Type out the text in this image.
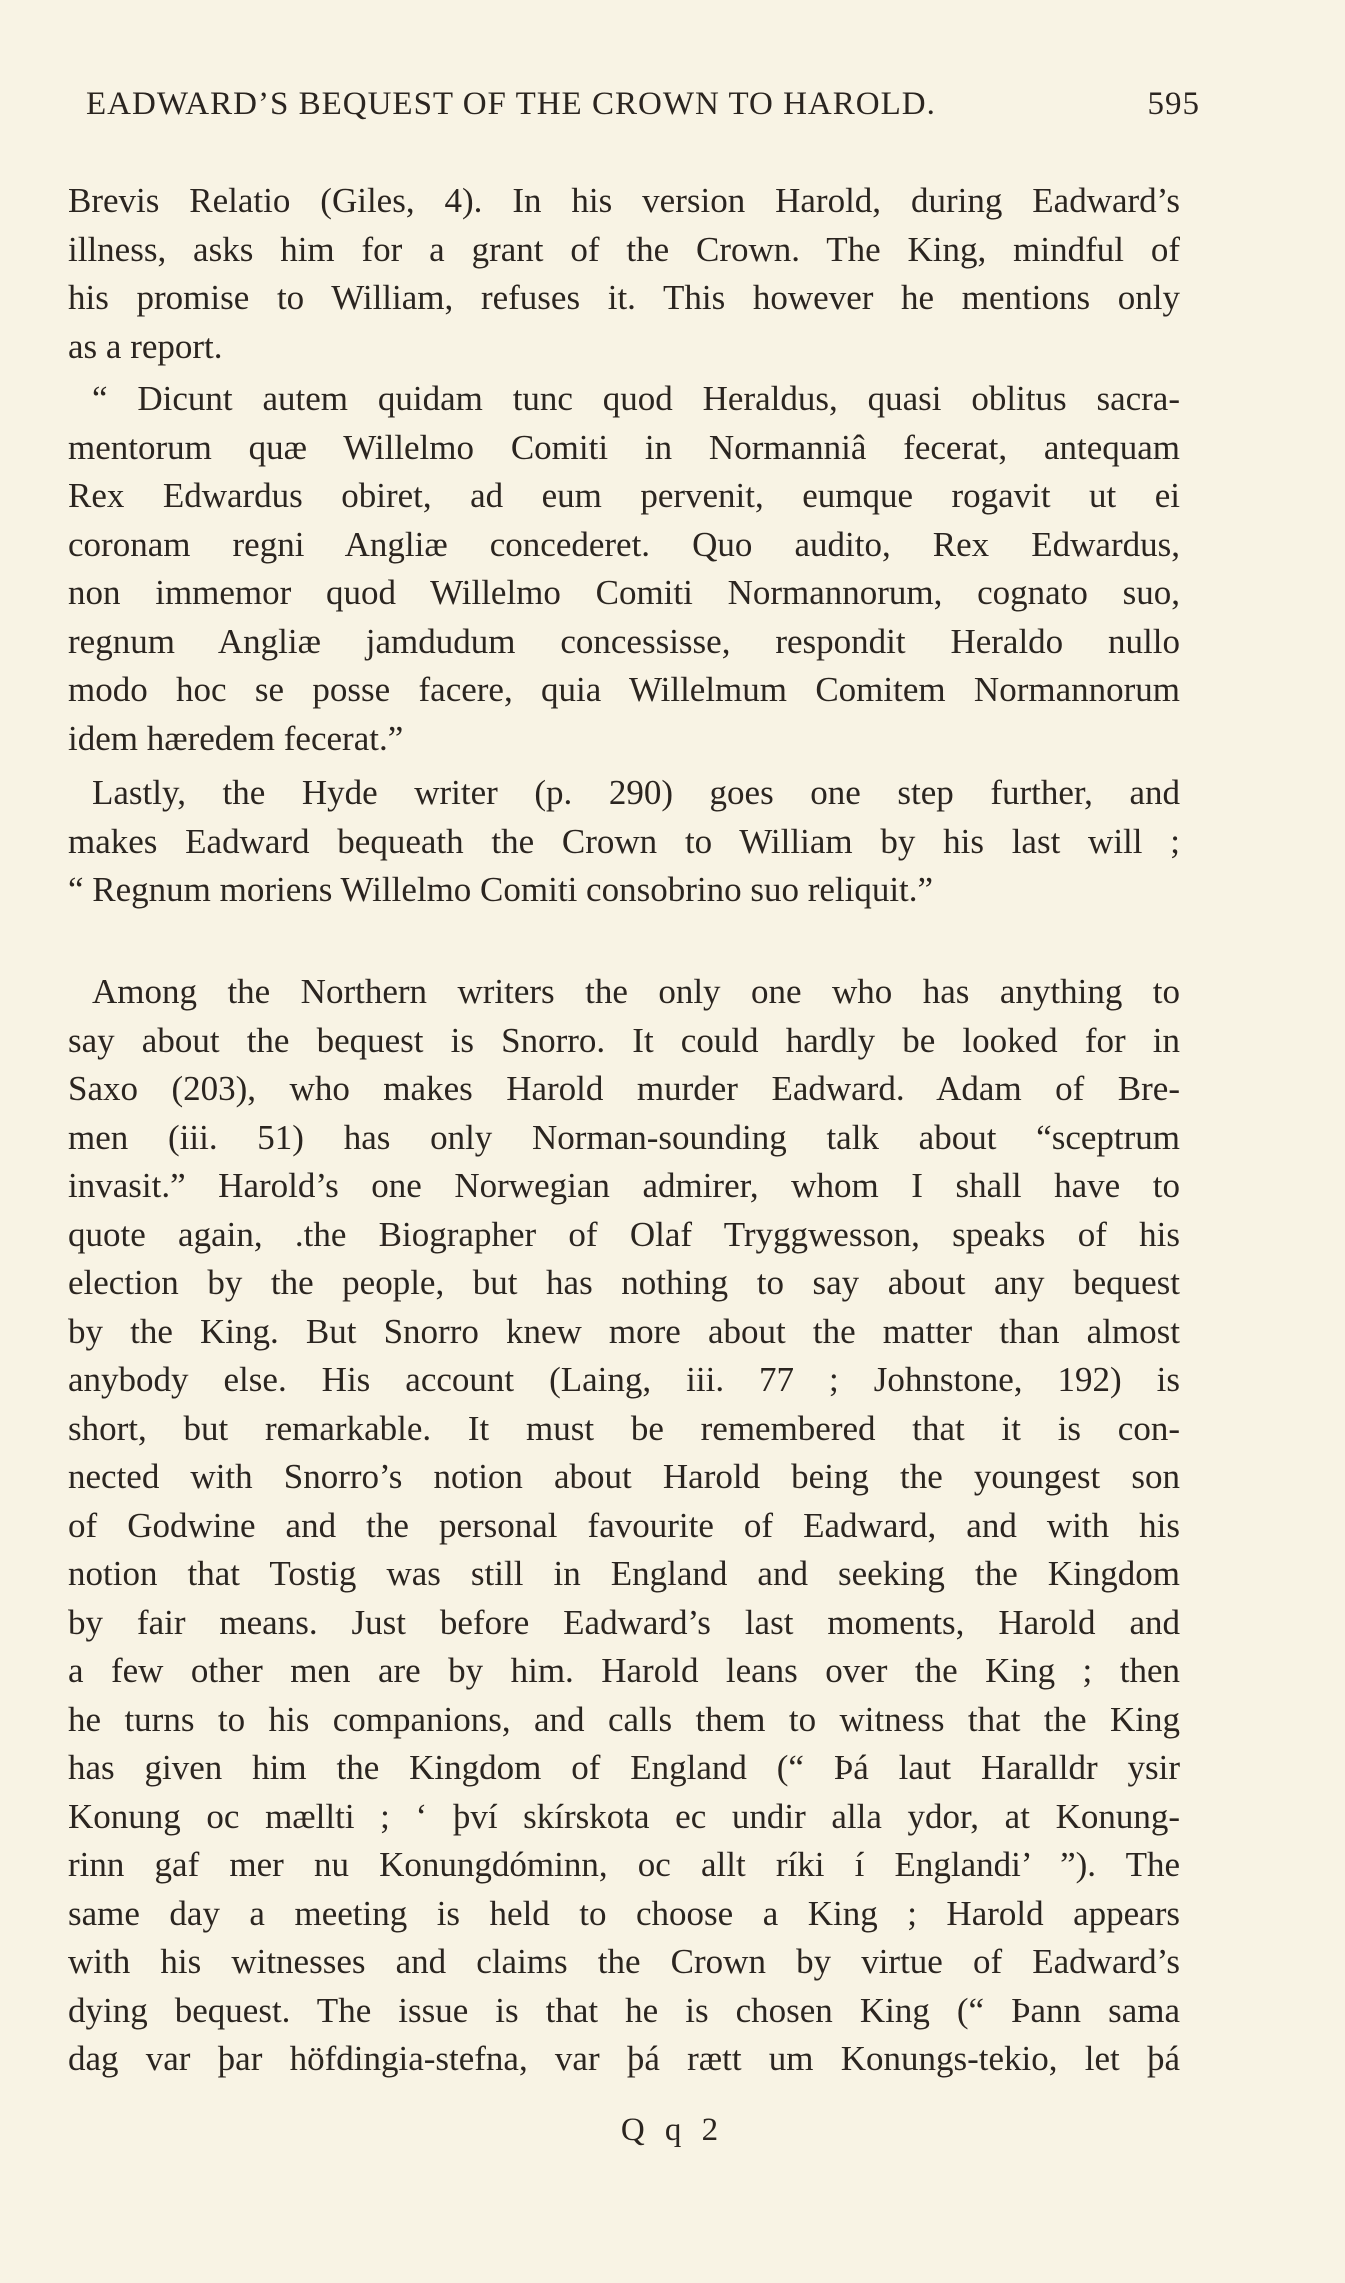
EADWARD’S BEQUEST OF THE CROWN TO HAROLD.	595
Brevis Relatio (Giles, 4). In his version Harold, during Eadward’s
illness, asks him for a grant of the Crown. The King, mindful of
his promise to William, refuses it. This however he mentions only
as a report.
“ Dicunt autem quidam tunc quod Heraldus, quasi oblitus sacra-
mentorum quæ Willelmo Comiti in Normanniâ fecerat, antequam
Rex Edwardus obiret, ad eum pervenit, eumque rogavit ut ei
coronam regni Angliæ concederet. Quo audito, Rex Edwardus,
non immemor quod Willelmo Comiti Normannorum, cognato suo,
regnum Angliæ jamdudum concessisse, respondit Heraldo nullo
modo hoc se posse facere, quia Willelmum Comitem Normannorum
idem hæredem fecerat.”
Lastly, the Hyde writer (p. 290) goes one step further, and
makes Eadward bequeath the Crown to William by his last will ;
“ Regnum moriens Willelmo Comiti consobrino suo reliquit.”
Among the Northern writers the only one who has anything to
say about the bequest is Snorro. It could hardly be looked for in
Saxo (203), who makes Harold murder Eadward. Adam of Bre-
men (iii. 51) has only Norman-sounding talk about “sceptrum
invasit.” Harold’s one Norwegian admirer, whom I shall have to
quote again, .the Biographer of Olaf Tryggwesson, speaks of his
election by the people, but has nothing to say about any bequest
by the King. But Snorro knew more about the matter than almost
anybody else. His account (Laing, iii. 77 ; Johnstone, 192) is
short, but remarkable. It must be remembered that it is con-
nected with Snorro’s notion about Harold being the youngest son
of Godwine and the personal favourite of Eadward, and with his
notion that Tostig was still in England and seeking the Kingdom
by fair means. Just before Eadward’s last moments, Harold and
a few other men are by him. Harold leans over the King ; then
he turns to his companions, and calls them to witness that the King
has given him the Kingdom of England (“ Þá laut Haralldr ysir
Konung oc mællti ; ‘ því skírskota ec undir alla ydor, at Konung-
rinn gaf mer nu Konungdóminn, oc allt ríki í Englandi’ ”). The
same day a meeting is held to choose a King ; Harold appears
with his witnesses and claims the Crown by virtue of Eadward’s
dying bequest. The issue is that he is chosen King (“ Þann sama
dag var þar höfdingia-stefna, var þá rætt um Konungs-tekio, let þá
Q q 2
